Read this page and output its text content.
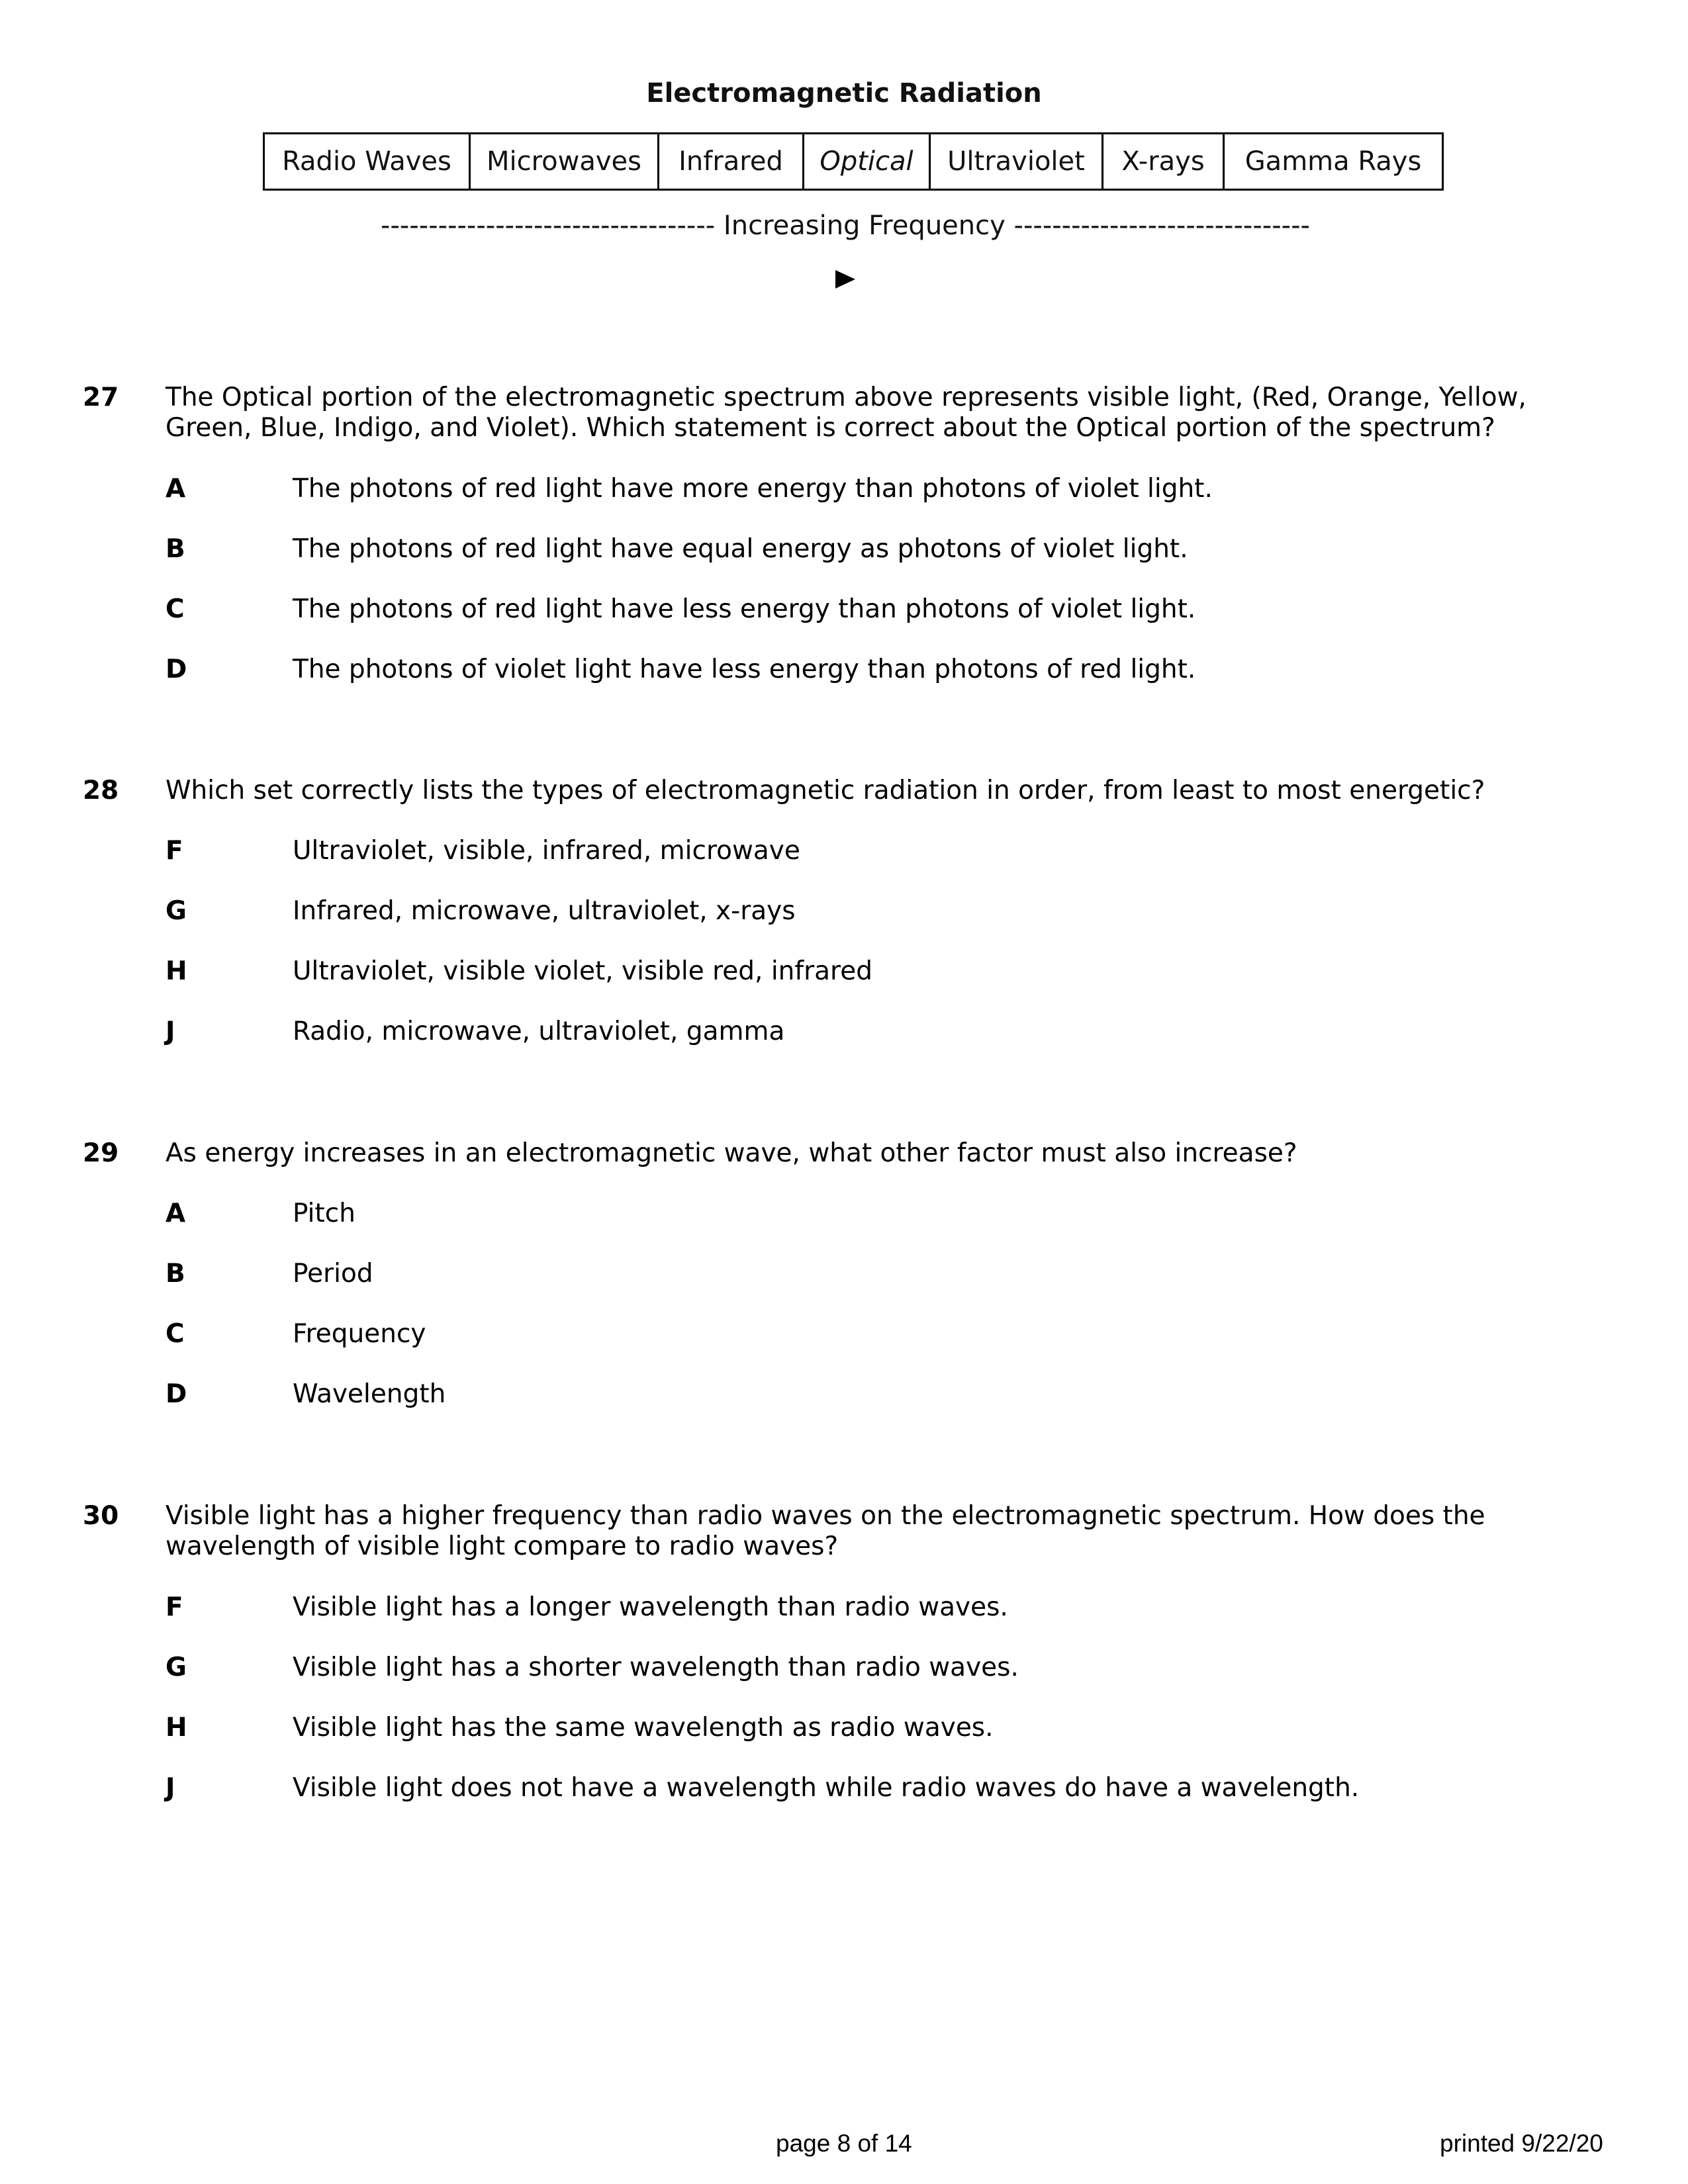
Electromagnetic Radiation
Radio Waves	Microwaves	Infrared	Optical	Ultraviolet	X-rays	Gamma Rays
----------------------------------- Increasing Frequency -------------------------------
27 The Optical portion of the electromagnetic spectrum above represents visible light, (Red, Orange, Yellow, Green, Blue, Indigo, and Violet). Which statement is correct about the Optical portion of the spectrum?
A	The photons of red light have more energy than photons of violet light.
B	The photons of red light have equal energy as photons of violet light.
C	The photons of red light have less energy than photons of violet light.
D	The photons of violet light have less energy than photons of red light.
28 Which set correctly lists the types of electromagnetic radiation in order, from least to most energetic?
F	Ultraviolet, visible, infrared, microwave
G	Infrared, microwave, ultraviolet, x-rays
H	Ultraviolet, visible violet, visible red, infrared
J	Radio, microwave, ultraviolet, gamma
29 As energy increases in an electromagnetic wave, what other factor must also increase?
A	Pitch
B	Period
C	Frequency
D	Wavelength
30 Visible light has a higher frequency than radio waves on the electromagnetic spectrum. How does the wavelength of visible light compare to radio waves?
F	Visible light has a longer wavelength than radio waves.
G	Visible light has a shorter wavelength than radio waves.
H	Visible light has the same wavelength as radio waves.
J	Visible light does not have a wavelength while radio waves do have a wavelength.
page 8 of 14	printed 9/22/20
